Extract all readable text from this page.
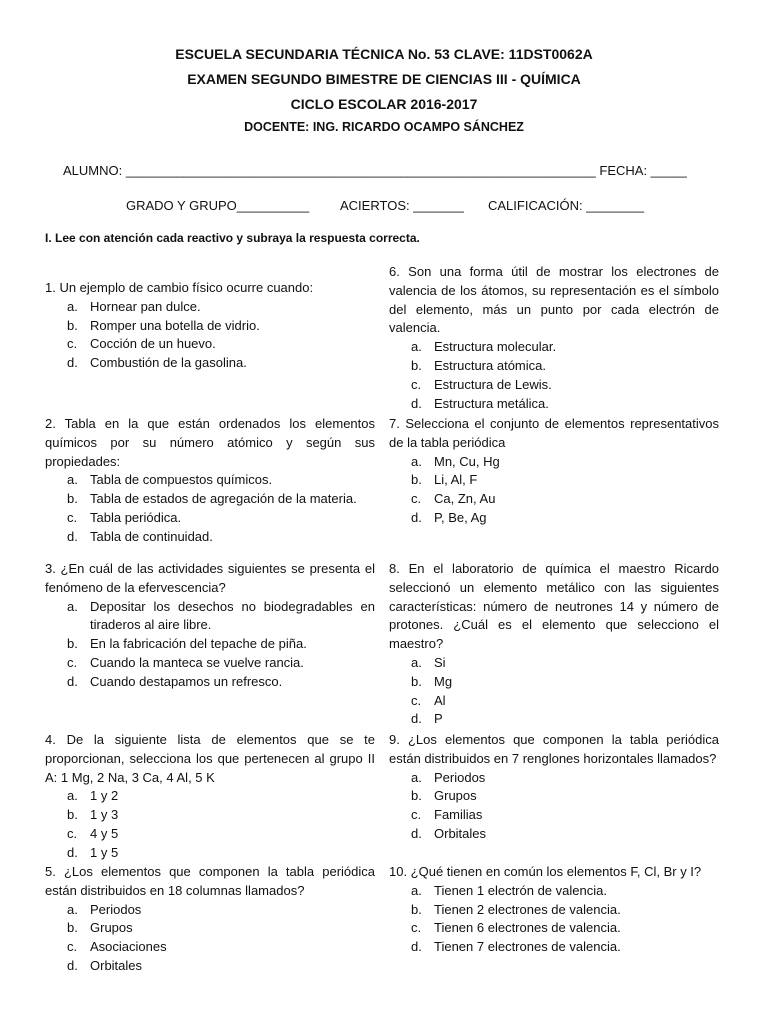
ESCUELA SECUNDARIA TÉCNICA No. 53 CLAVE: 11DST0062A
EXAMEN SEGUNDO BIMESTRE DE CIENCIAS III - QUÍMICA
CICLO ESCOLAR 2016-2017
DOCENTE: ING. RICARDO OCAMPO SÁNCHEZ
ALUMNO: _________________________________________________________________ FECHA: _____
GRADO Y GRUPO__________ ACIERTOS: _______ CALIFICACIÓN: ________
I. Lee con atención cada reactivo y subraya la respuesta correcta.

1. Un ejemplo de cambio físico ocurre cuando:

a. Hornear pan dulce.
b. Romper una botella de vidrio.
c. Cocción de un huevo.
d. Combustión de la gasolina.

2. Tabla en la que están ordenados los elementos químicos por su número atómico y según sus propiedades:

a. Tabla de compuestos químicos.
b. Tabla de estados de agregación de la materia.
c. Tabla periódica.
d. Tabla de continuidad.

3. ¿En cuál de las actividades siguientes se presenta el fenómeno de la efervescencia?

a. Depositar los desechos no biodegradables en tiraderos al aire libre.
b. En la fabricación del tepache de piña.
c. Cuando la manteca se vuelve rancia.
d. Cuando destapamos un refresco.

4. De la siguiente lista de elementos que se te proporcionan, selecciona los que pertenecen al grupo II A: 1 Mg, 2 Na, 3 Ca, 4 Al, 5 K

a. 1 y 2
b. 1 y 3
c. 4 y 5
d. 1 y 5

5. ¿Los elementos que componen la tabla periódica están distribuidos en 18 columnas llamados?

a. Periodos
b. Grupos
c. Asociaciones
d. Orbitales

6. Son una forma útil de mostrar los electrones de valencia de los átomos, su representación es el símbolo del elemento, más un punto por cada electrón de valencia.

a. Estructura molecular.
b. Estructura atómica.
c. Estructura de Lewis.
d. Estructura metálica.

7. Selecciona el conjunto de elementos representativos de la tabla periódica

a. Mn, Cu, Hg
b. Li, Al, F
c. Ca, Zn, Au
d. P, Be, Ag

8. En el laboratorio de química el maestro Ricardo seleccionó un elemento metálico con las siguientes características: número de neutrones 14 y número de protones. ¿Cuál es el elemento que selecciono el maestro?

a. Si
b. Mg
c. Al
d. P

9. ¿Los elementos que componen la tabla periódica están distribuidos en 7 renglones horizontales llamados?

a. Periodos
b. Grupos
c. Familias
d. Orbitales

10. ¿Qué tienen en común los elementos F, Cl, Br y I?

a. Tienen 1 electrón de valencia.
b. Tienen 2 electrones de valencia.
c. Tienen 6 electrones de valencia.
d. Tienen 7 electrones de valencia.
